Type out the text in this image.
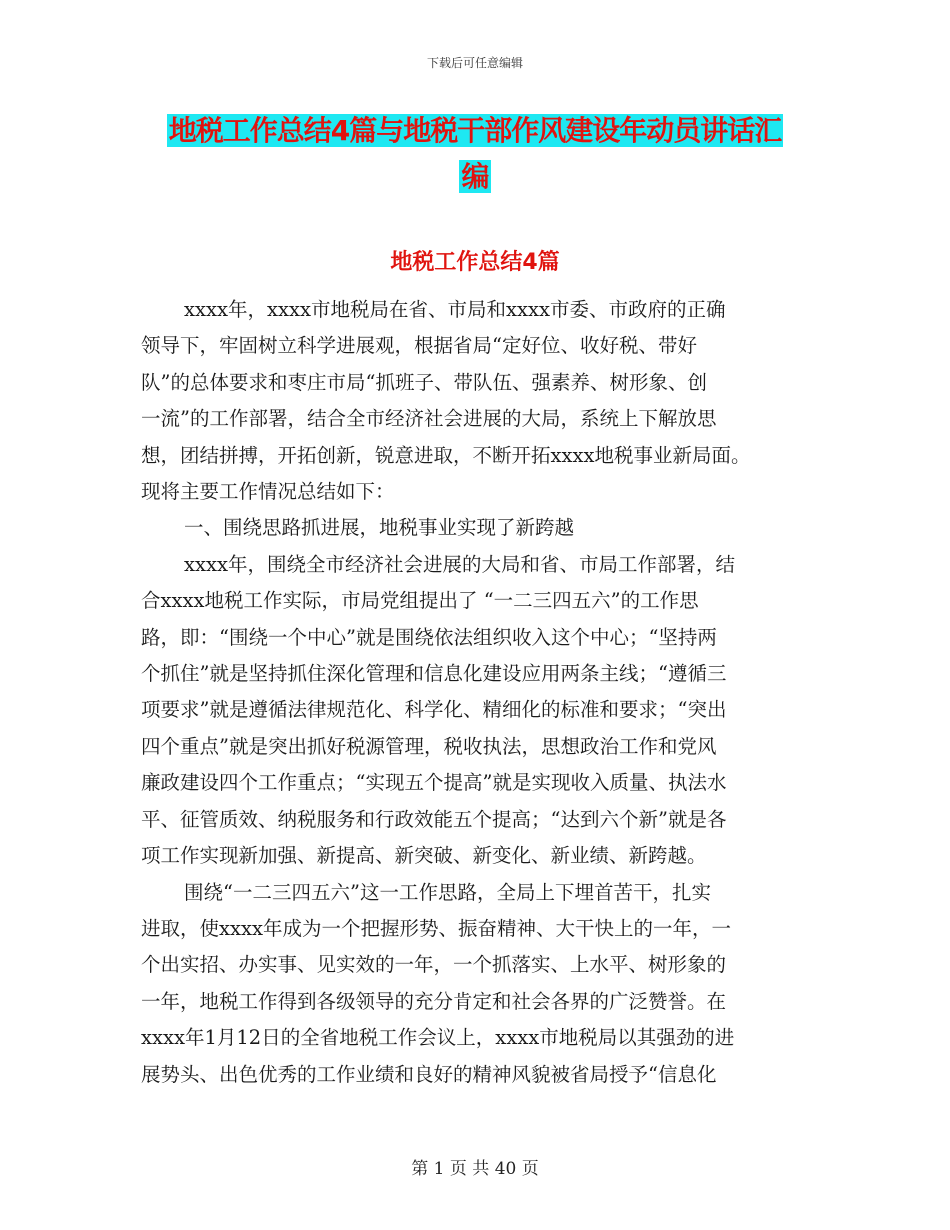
下载后可任意编辑
地税工作总结4篇与地税干部作风建设年动员讲话汇
编
地税工作总结4篇
xxxx年，xxxx市地税局在省、市局和xxxx市委、市政府的正确
领导下，牢固树立科学进展观，根据省局“定好位、收好税、带好
队”的总体要求和枣庄市局“抓班子、带队伍、强素养、树形象、创
一流”的工作部署，结合全市经济社会进展的大局，系统上下解放思
想，团结拼搏，开拓创新，锐意进取，不断开拓xxxx地税事业新局面。
现将主要工作情况总结如下：
一、围绕思路抓进展，地税事业实现了新跨越
xxxx年，围绕全市经济社会进展的大局和省、市局工作部署，结
合xxxx地税工作实际，市局党组提出了 “一二三四五六”的工作思
路，即：“围绕一个中心”就是围绕依法组织收入这个中心；“坚持两
个抓住”就是坚持抓住深化管理和信息化建设应用两条主线；“遵循三
项要求”就是遵循法律规范化、科学化、精细化的标准和要求；“突出
四个重点”就是突出抓好税源管理，税收执法，思想政治工作和党风
廉政建设四个工作重点；“实现五个提高”就是实现收入质量、执法水
平、征管质效、纳税服务和行政效能五个提高；“达到六个新”就是各
项工作实现新加强、新提高、新突破、新变化、新业绩、新跨越。
围绕“一二三四五六”这一工作思路，全局上下埋首苦干，扎实
进取，使xxxx年成为一个把握形势、振奋精神、大干快上的一年，一
个出实招、办实事、见实效的一年，一个抓落实、上水平、树形象的
一年，地税工作得到各级领导的充分肯定和社会各界的广泛赞誉。在
xxxx年1月12日的全省地税工作会议上，xxxx市地税局以其强劲的进
展势头、出色优秀的工作业绩和良好的精神风貌被省局授予“信息化
第 1 页 共 40 页
